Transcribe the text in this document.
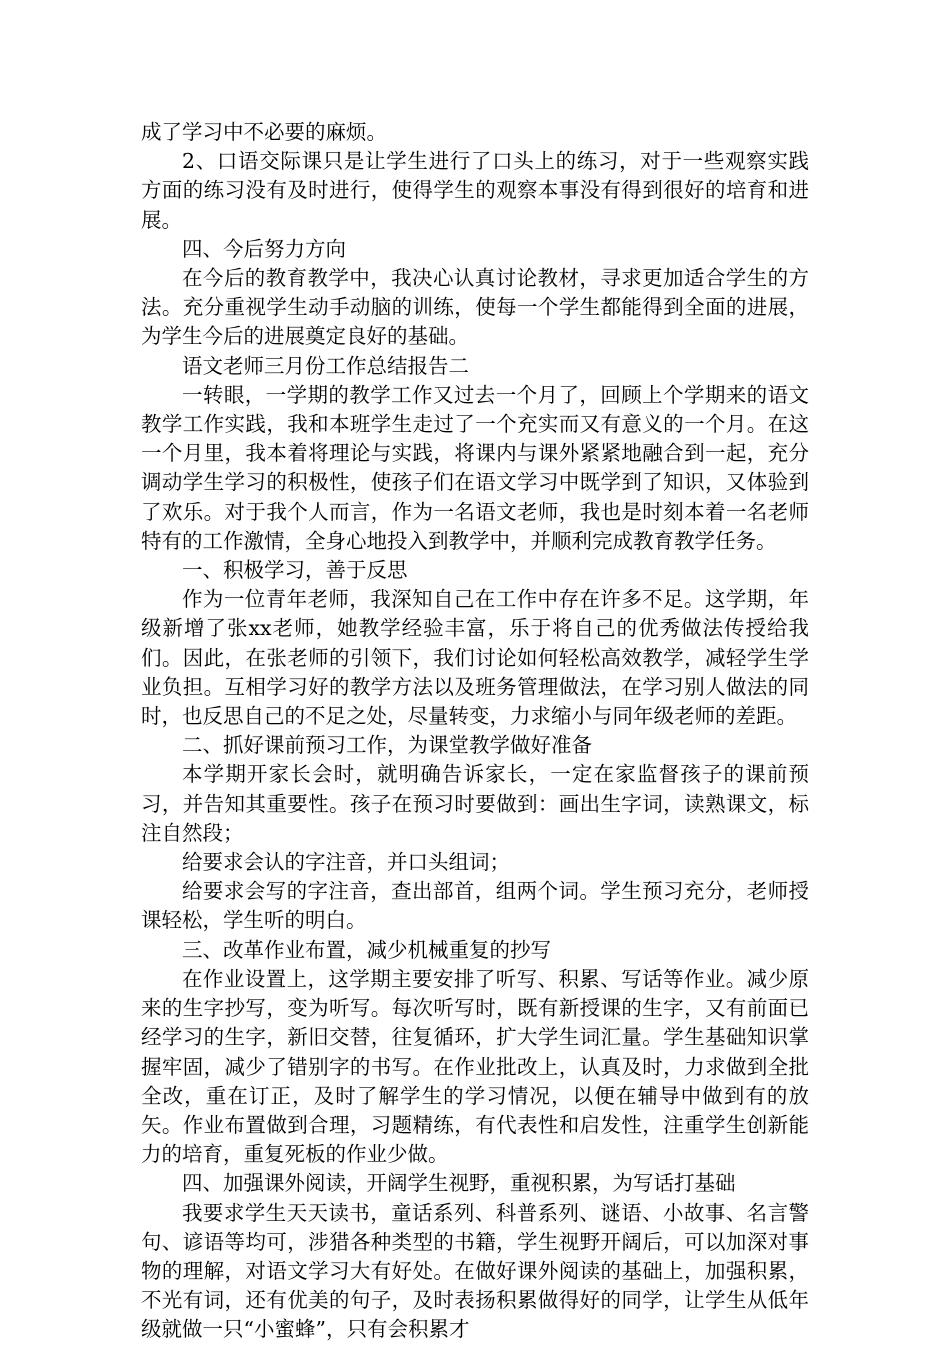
成了学习中不必要的麻烦。

2、口语交际课只是让学生进行了口头上的练习，对于一些观察实践方面的练习没有及时进行，使得学生的观察本事没有得到很好的培育和进展。

四、今后努力方向

在今后的教育教学中，我决心认真讨论教材，寻求更加适合学生的方法。充分重视学生动手动脑的训练，使每一个学生都能得到全面的进展，为学生今后的进展奠定良好的基础。

语文老师三月份工作总结报告二

一转眼，一学期的教学工作又过去一个月了，回顾上个学期来的语文教学工作实践，我和本班学生走过了一个充实而又有意义的一个月。在这一个月里，我本着将理论与实践，将课内与课外紧紧地融合到一起，充分调动学生学习的积极性，使孩子们在语文学习中既学到了知识，又体验到了欢乐。对于我个人而言，作为一名语文老师，我也是时刻本着一名老师特有的工作激情，全身心地投入到教学中，并顺利完成教育教学任务。

一、积极学习，善于反思

作为一位青年老师，我深知自己在工作中存在许多不足。这学期，年级新增了张xx老师，她教学经验丰富，乐于将自己的优秀做法传授给我们。因此，在张老师的引领下，我们讨论如何轻松高效教学，减轻学生学业负担。互相学习好的教学方法以及班务管理做法，在学习别人做法的同时，也反思自己的不足之处，尽量转变，力求缩小与同年级老师的差距。

二、抓好课前预习工作，为课堂教学做好准备

本学期开家长会时，就明确告诉家长，一定在家监督孩子的课前预习，并告知其重要性。孩子在预习时要做到：画出生字词，读熟课文，标注自然段；

给要求会认的字注音，并口头组词；

给要求会写的字注音，查出部首，组两个词。学生预习充分，老师授课轻松，学生听的明白。

三、改革作业布置，减少机械重复的抄写

在作业设置上，这学期主要安排了听写、积累、写话等作业。减少原来的生字抄写，变为听写。每次听写时，既有新授课的生字，又有前面已经学习的生字，新旧交替，往复循环，扩大学生词汇量。学生基础知识掌握牢固，减少了错别字的书写。在作业批改上，认真及时，力求做到全批全改，重在订正，及时了解学生的学习情况，以便在辅导中做到有的放矢。作业布置做到合理，习题精练，有代表性和启发性，注重学生创新能力的培育，重复死板的作业少做。

四、加强课外阅读，开阔学生视野，重视积累，为写话打基础

我要求学生天天读书，童话系列、科普系列、谜语、小故事、名言警句、谚语等均可，涉猎各种类型的书籍，学生视野开阔后，可以加深对事物的理解，对语文学习大有好处。在做好课外阅读的基础上，加强积累，不光有词，还有优美的句子，及时表扬积累做得好的同学，让学生从低年级就做一只“小蜜蜂”，只有会积累才
